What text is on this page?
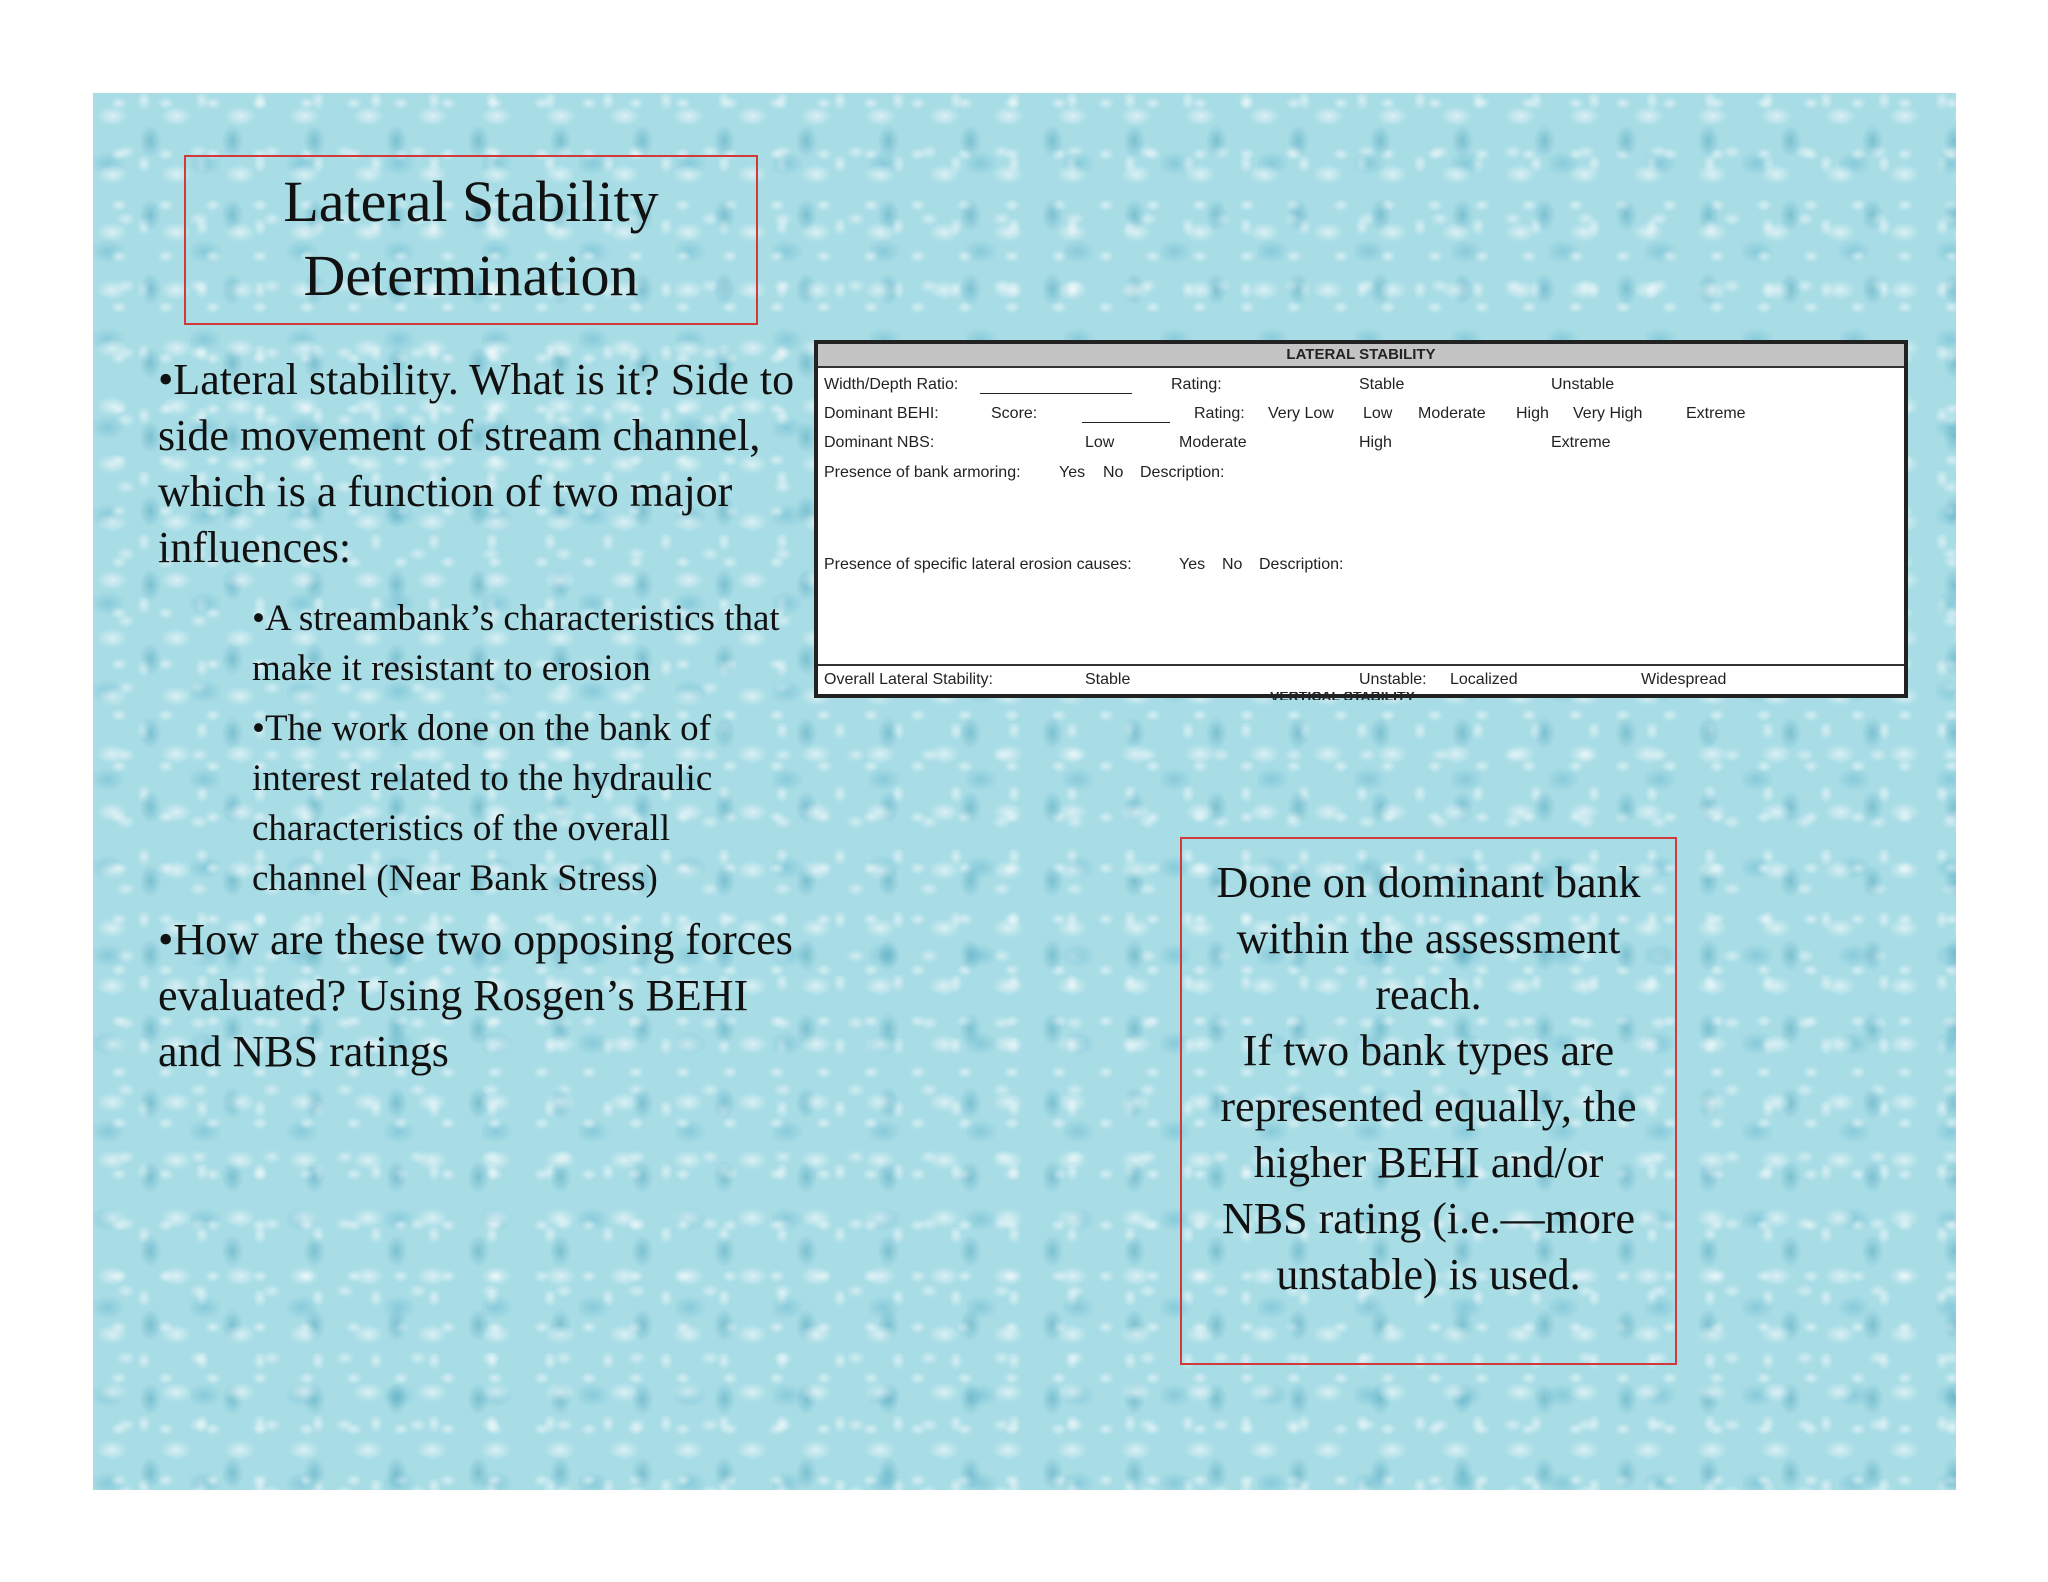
Lateral Stability
Determination

•Lateral stability. What is it? Side to side movement of stream channel, which is a function of two major influences:

•A streambank’s characteristics that make it resistant to erosion

•The work done on the bank of interest related to the hydraulic characteristics of the overall channel (Near Bank Stress)

•How are these two opposing forces evaluated? Using Rosgen’s BEHI and NBS ratings

LATERAL STABILITY
Width/Depth Ratio:	Rating:	Stable	Unstable
Dominant BEHI:	Score:	Rating: Very Low Low Moderate High Very High	Extreme
Dominant NBS:	Low	Moderate	High	Extreme
Presence of bank armoring: Yes No Description:
Presence of specific lateral erosion causes:	Yes No Description:
Overall Lateral Stability:	Stable	Unstable: Localized	Widespread
VERTICAL STABILITY
Done on dominant bank
within the assessment
reach.
If two bank types are
represented equally, the
higher BEHI and/or
NBS rating (i.e.—more
unstable) is used.
